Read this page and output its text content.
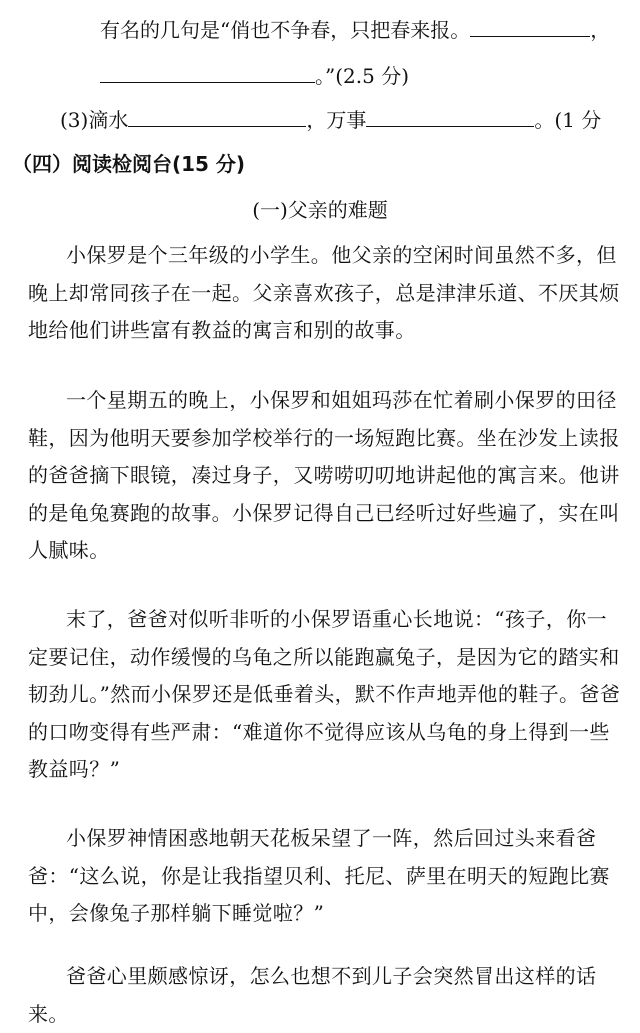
有名的几句是“俏也不争春，只把春来报。	，
。”(2.5 分)
(3)滴水	，万事	。(1 分
（四）阅读检阅台(15 分)
(一)父亲的难题
小保罗是个三年级的小学生。他父亲的空闲时间虽然不多，但晚上却常同孩子在一起。父亲喜欢孩子，总是津津乐道、不厌其烦地给他们讲些富有教益的寓言和别的故事。
一个星期五的晚上，小保罗和姐姐玛莎在忙着刷小保罗的田径鞋，因为他明天要参加学校举行的一场短跑比赛。坐在沙发上读报的爸爸摘下眼镜，凑过身子，又唠唠叨叨地讲起他的寓言来。他讲的是龟兔赛跑的故事。小保罗记得自己已经听过好些遍了，实在叫人腻味。
末了，爸爸对似听非听的小保罗语重心长地说：“孩子，你一定要记住，动作缓慢的乌龟之所以能跑赢兔子，是因为它的踏实和韧劲儿。”然而小保罗还是低垂着头，默不作声地弄他的鞋子。爸爸的口吻变得有些严肃：“难道你不觉得应该从乌龟的身上得到一些教益吗？”
小保罗神情困惑地朝天花板呆望了一阵，然后回过头来看爸爸：“这么说，你是让我指望贝利、托尼、萨里在明天的短跑比赛中，会像兔子那样躺下睡觉啦？”
爸爸心里颇感惊讶，怎么也想不到儿子会突然冒出这样的话来。
